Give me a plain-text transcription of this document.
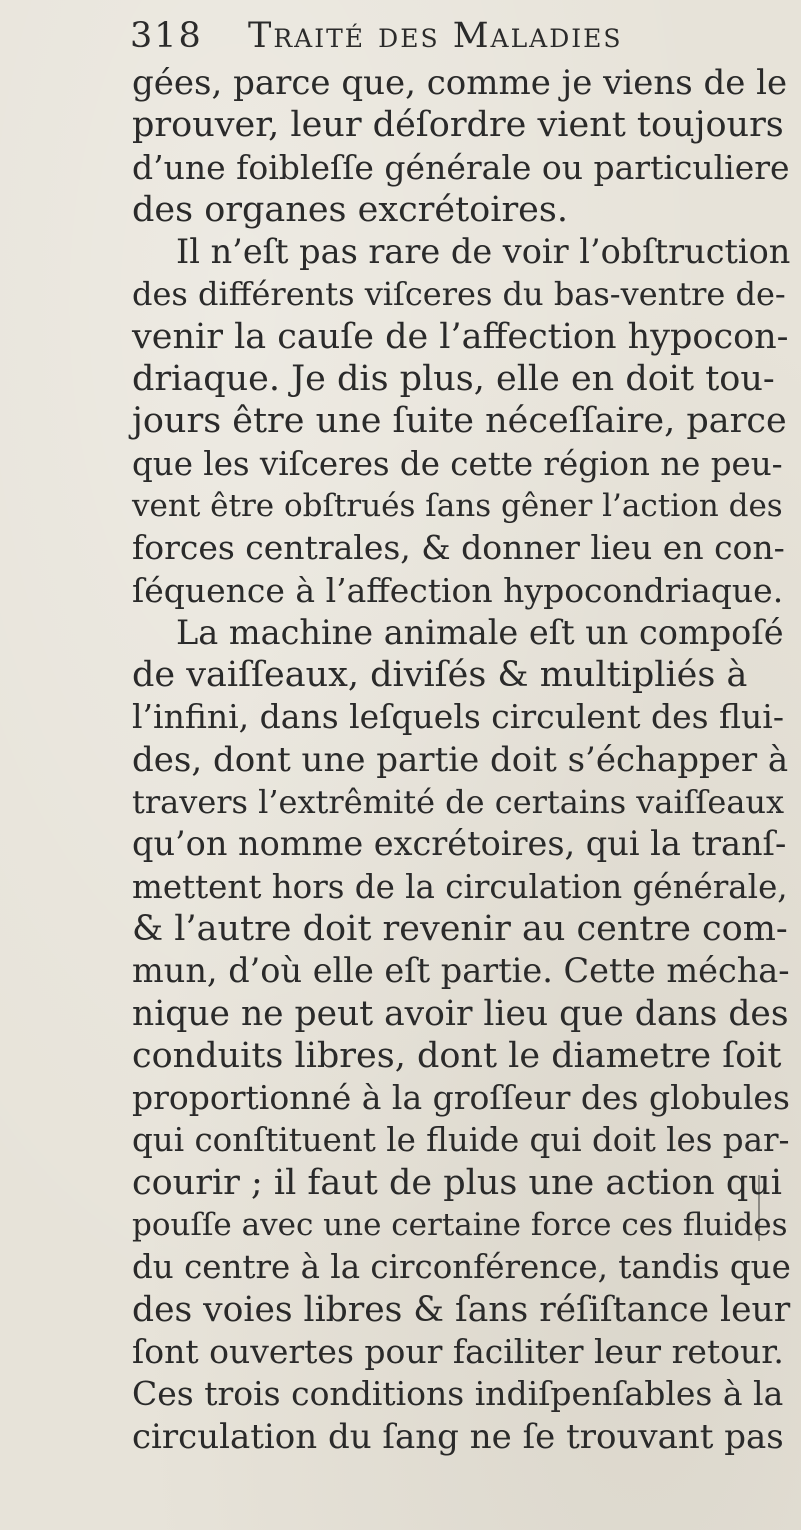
318 Traité des Maladies
gées, parce que, comme je viens de le
prouver, leur déſordre vient toujours
d’une foibleſſe générale ou particuliere
des organes excrétoires.
Il n’eſt pas rare de voir l’obſtruction
des différents viſceres du bas-ventre de-
venir la cauſe de l’affection hypocon-
driaque. Je dis plus, elle en doit tou-
jours être une ſuite néceſſaire, parce
que les viſceres de cette région ne peu-
vent être obſtrués ſans gêner l’action des
forces centrales, & donner lieu en con-
ſéquence à l’affection hypocondriaque.
La machine animale eſt un compoſé
de vaiſſeaux, diviſés & multipliés à
l’infini, dans leſquels circulent des flui-
des, dont une partie doit s’échapper à
travers l’extrêmité de certains vaiſſeaux
qu’on nomme excrétoires, qui la tranſ-
mettent hors de la circulation générale,
& l’autre doit revenir au centre com-
mun, d’où elle eſt partie. Cette mécha-
nique ne peut avoir lieu que dans des
conduits libres, dont le diametre ſoit
proportionné à la groſſeur des globules
qui conſtituent le fluide qui doit les par-
courir ; il faut de plus une action qui
pouſſe avec une certaine force ces fluides
du centre à la circonférence, tandis que
des voies libres & ſans réſiſtance leur
ſont ouvertes pour faciliter leur retour.
Ces trois conditions indiſpenſables à la
circulation du ſang ne ſe trouvant pas
